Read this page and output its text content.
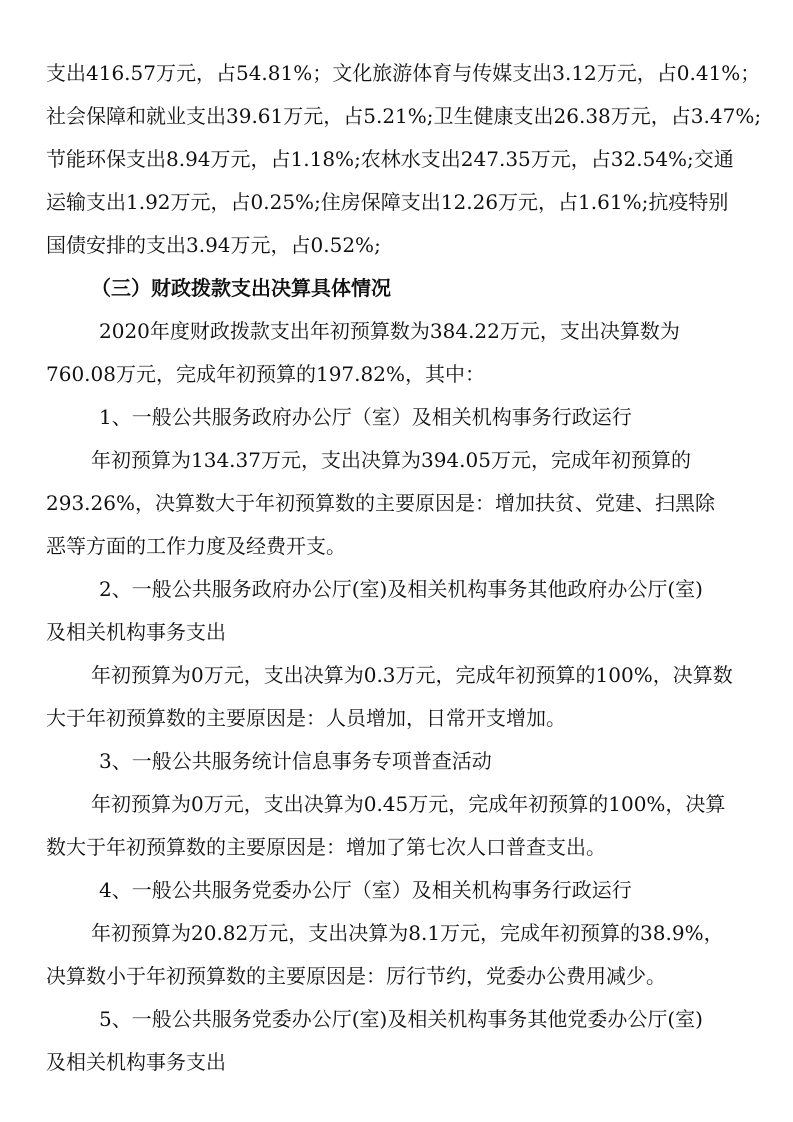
支出416.57万元，占54.81%；文化旅游体育与传媒支出3.12万元，占0.41%；

社会保障和就业支出39.61万元，占5.21%;卫生健康支出26.38万元，占3.47%;

节能环保支出8.94万元，占1.18%;农林水支出247.35万元，占32.54%;交通

运输支出1.92万元，占0.25%;住房保障支出12.26万元，占1.61%;抗疫特别

国债安排的支出3.94万元，占0.52%;

（三）财政拨款支出决算具体情况

2020年度财政拨款支出年初预算数为384.22万元，支出决算数为

760.08万元，完成年初预算的197.82%，其中：

1、一般公共服务政府办公厅（室）及相关机构事务行政运行

年初预算为134.37万元，支出决算为394.05万元，完成年初预算的

293.26%，决算数大于年初预算数的主要原因是：增加扶贫、党建、扫黑除

恶等方面的工作力度及经费开支。

2、一般公共服务政府办公厅(室)及相关机构事务其他政府办公厅(室)

及相关机构事务支出

年初预算为0万元，支出决算为0.3万元，完成年初预算的100%，决算数

大于年初预算数的主要原因是：人员增加，日常开支增加。

3、一般公共服务统计信息事务专项普查活动

年初预算为0万元，支出决算为0.45万元，完成年初预算的100%，决算

数大于年初预算数的主要原因是：增加了第七次人口普查支出。

4、一般公共服务党委办公厅（室）及相关机构事务行政运行

年初预算为20.82万元，支出决算为8.1万元，完成年初预算的38.9%，

决算数小于年初预算数的主要原因是：厉行节约，党委办公费用减少。

5、一般公共服务党委办公厅(室)及相关机构事务其他党委办公厅(室)

及相关机构事务支出
